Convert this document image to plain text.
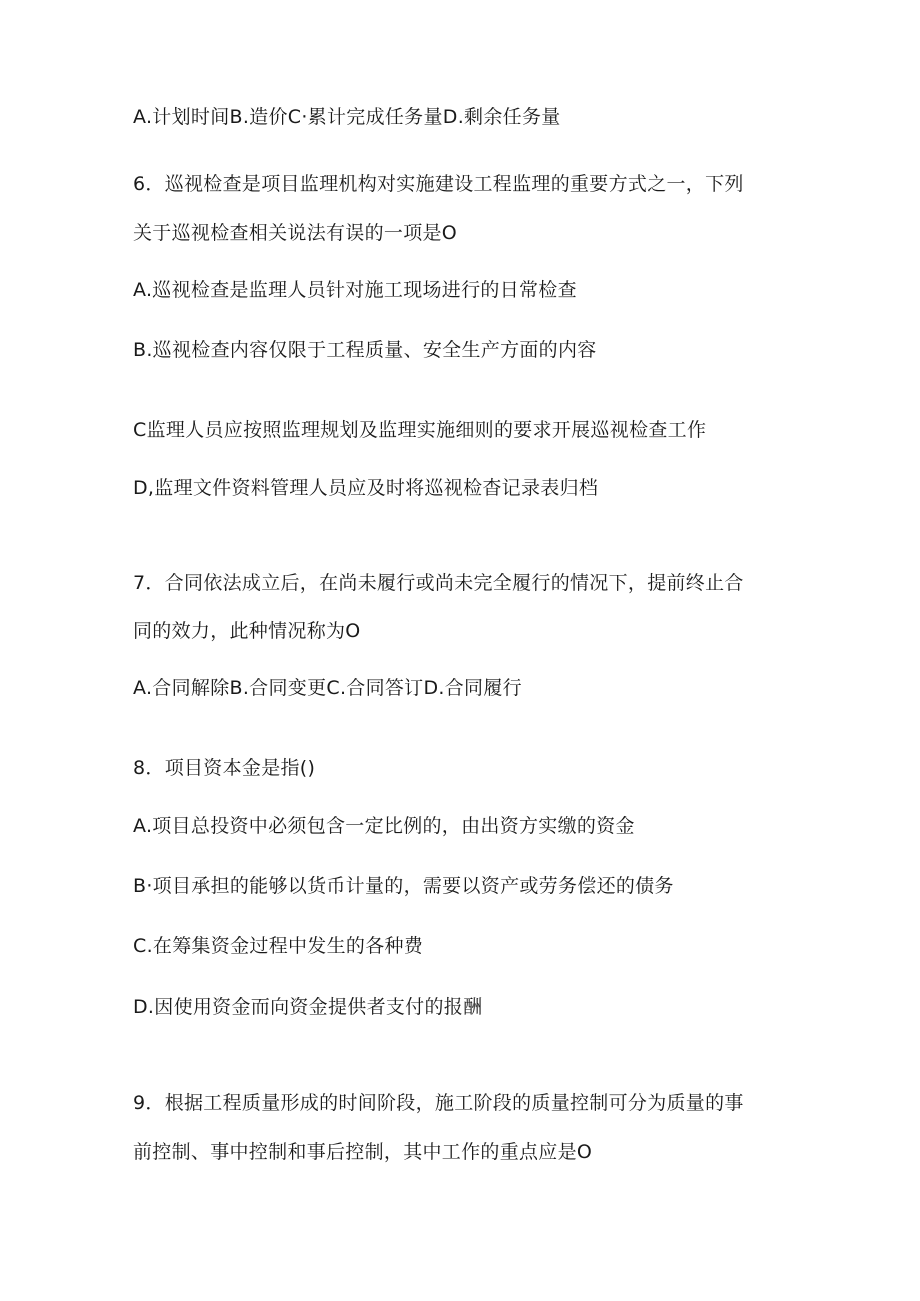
A.计划时间B.造价C·累计完成任务量D.剩余任务量
6．巡视检查是项目监理机构对实施建设工程监理的重要方式之一，下列
关于巡视检查相关说法有误的一项是O
A.巡视检查是监理人员针对施工现场进行的日常检查
B.巡视检查内容仅限于工程质量、安全生产方面的内容
C监理人员应按照监理规划及监理实施细则的要求开展巡视检查工作
D,监理文件资料管理人员应及时将巡视检杳记录表归档
7．合同依法成立后，在尚未履行或尚未完全履行的情况下，提前终止合
同的效力，此种情况称为O
A.合同解除B.合同变更C.合同答订D.合同履行
8．项目资本金是指()
A.项目总投资中必须包含一定比例的，由出资方实缴的资金
B·项目承担的能够以货币计量的，需要以资产或劳务偿还的债务
C.在筹集资金过程中发生的各种费
D.因使用资金而向资金提供者支付的报酬
9．根据工程质量形成的时间阶段，施工阶段的质量控制可分为质量的事
前控制、事中控制和事后控制，其中工作的重点应是O
